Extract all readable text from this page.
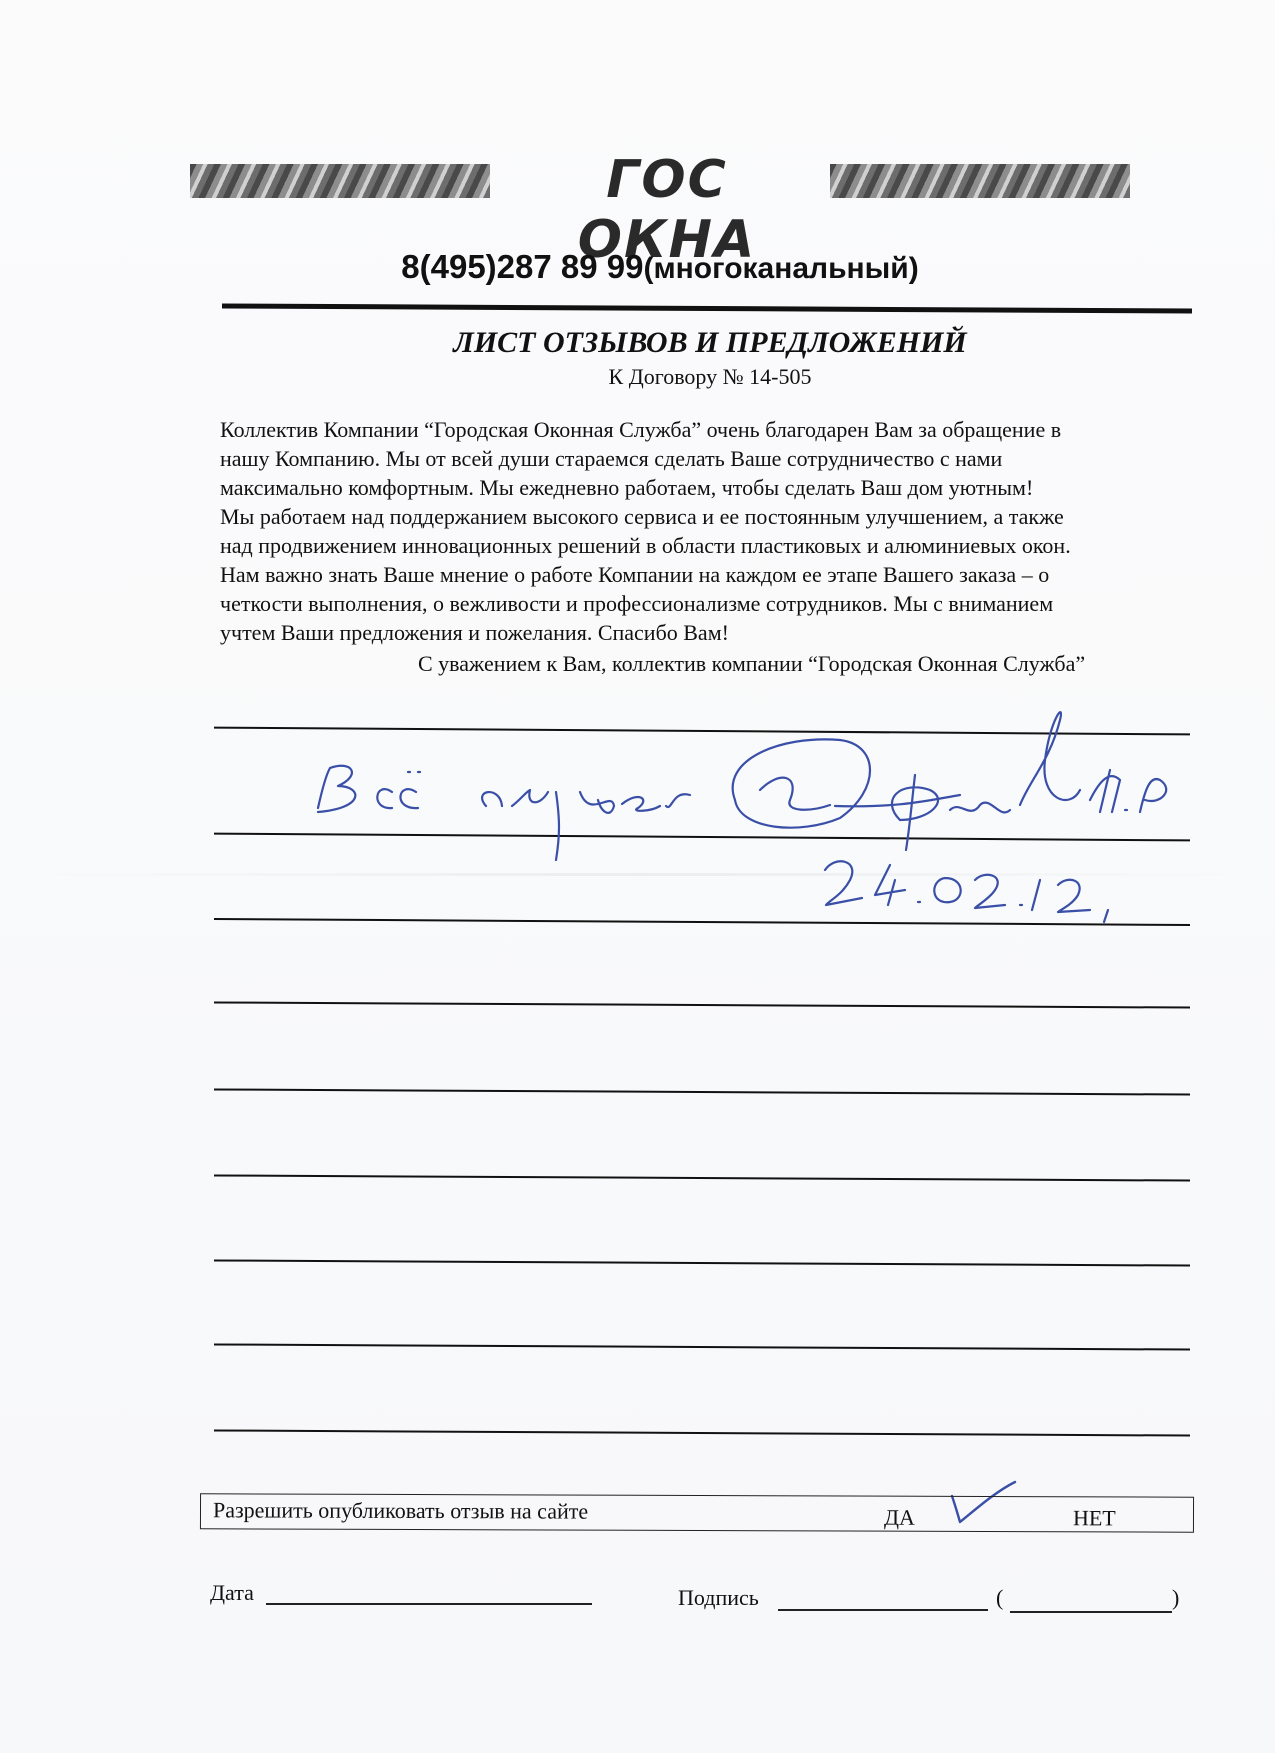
ГОС ОКНА
8(495)287 89 99(многоканальный)
ЛИСТ ОТЗЫВОВ И ПРЕДЛОЖЕНИЙ
К Договору № 14-505

Коллектив Компании “Городская Оконная Служба” очень благодарен Вам за обращение в
нашу Компанию. Мы от всей души стараемся сделать Ваше сотрудничество с нами
максимально комфортным. Мы ежедневно работаем, чтобы сделать Ваш дом уютным!
Мы работаем над поддержанием высокого сервиса и ее постоянным улучшением, а также
над продвижением инновационных решений в области пластиковых и алюминиевых окон.
Нам важно знать Ваше мнение о работе Компании на каждом ее этапе Вашего заказа – о
четкости выполнения, о вежливости и профессионализме сотрудников. Мы с вниманием
учтем Ваши предложения и пожелания. Спасибо Вам!

С уважением к Вам, коллектив компании “Городская Оконная Служба”
Разрешить опубликовать отзыв на сайте	ДА	НЕТ
Дата	Подпись	(	)
